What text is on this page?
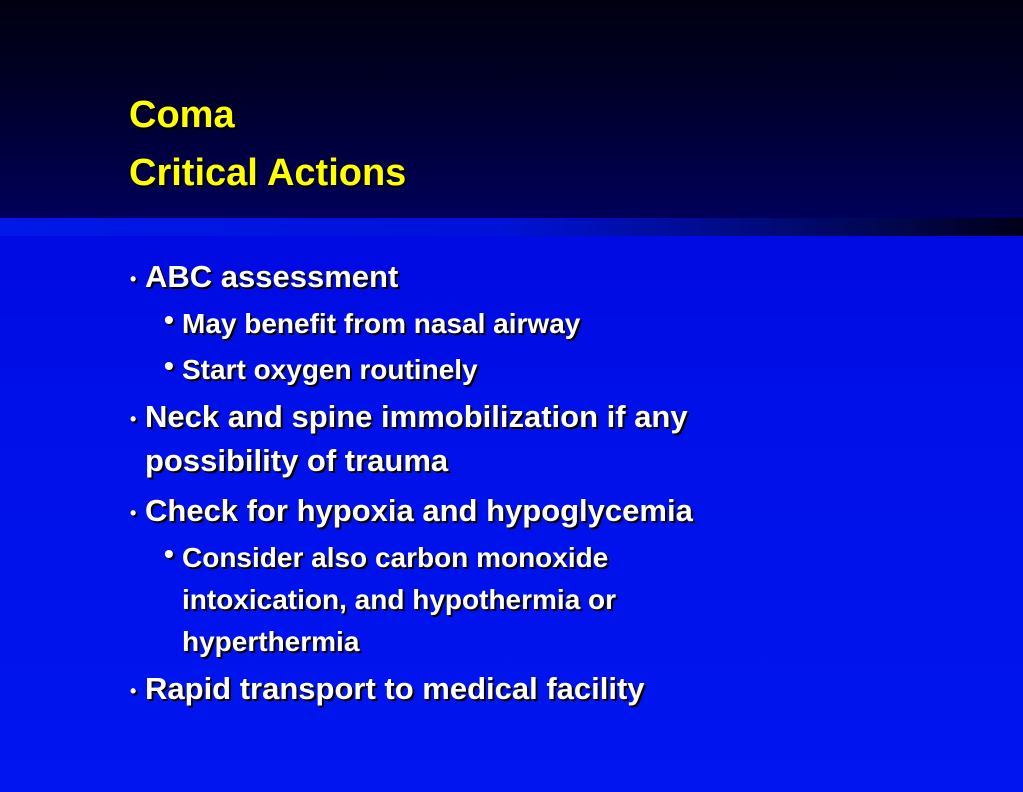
Coma
Critical Actions
• ABC assessment
• May benefit from nasal airway
• Start oxygen routinely
• Neck and spine immobilization if any
possibility of trauma
• Check for hypoxia and hypoglycemia
• Consider also carbon monoxide
intoxication, and hypothermia or
hyperthermia
• Rapid transport to medical facility
